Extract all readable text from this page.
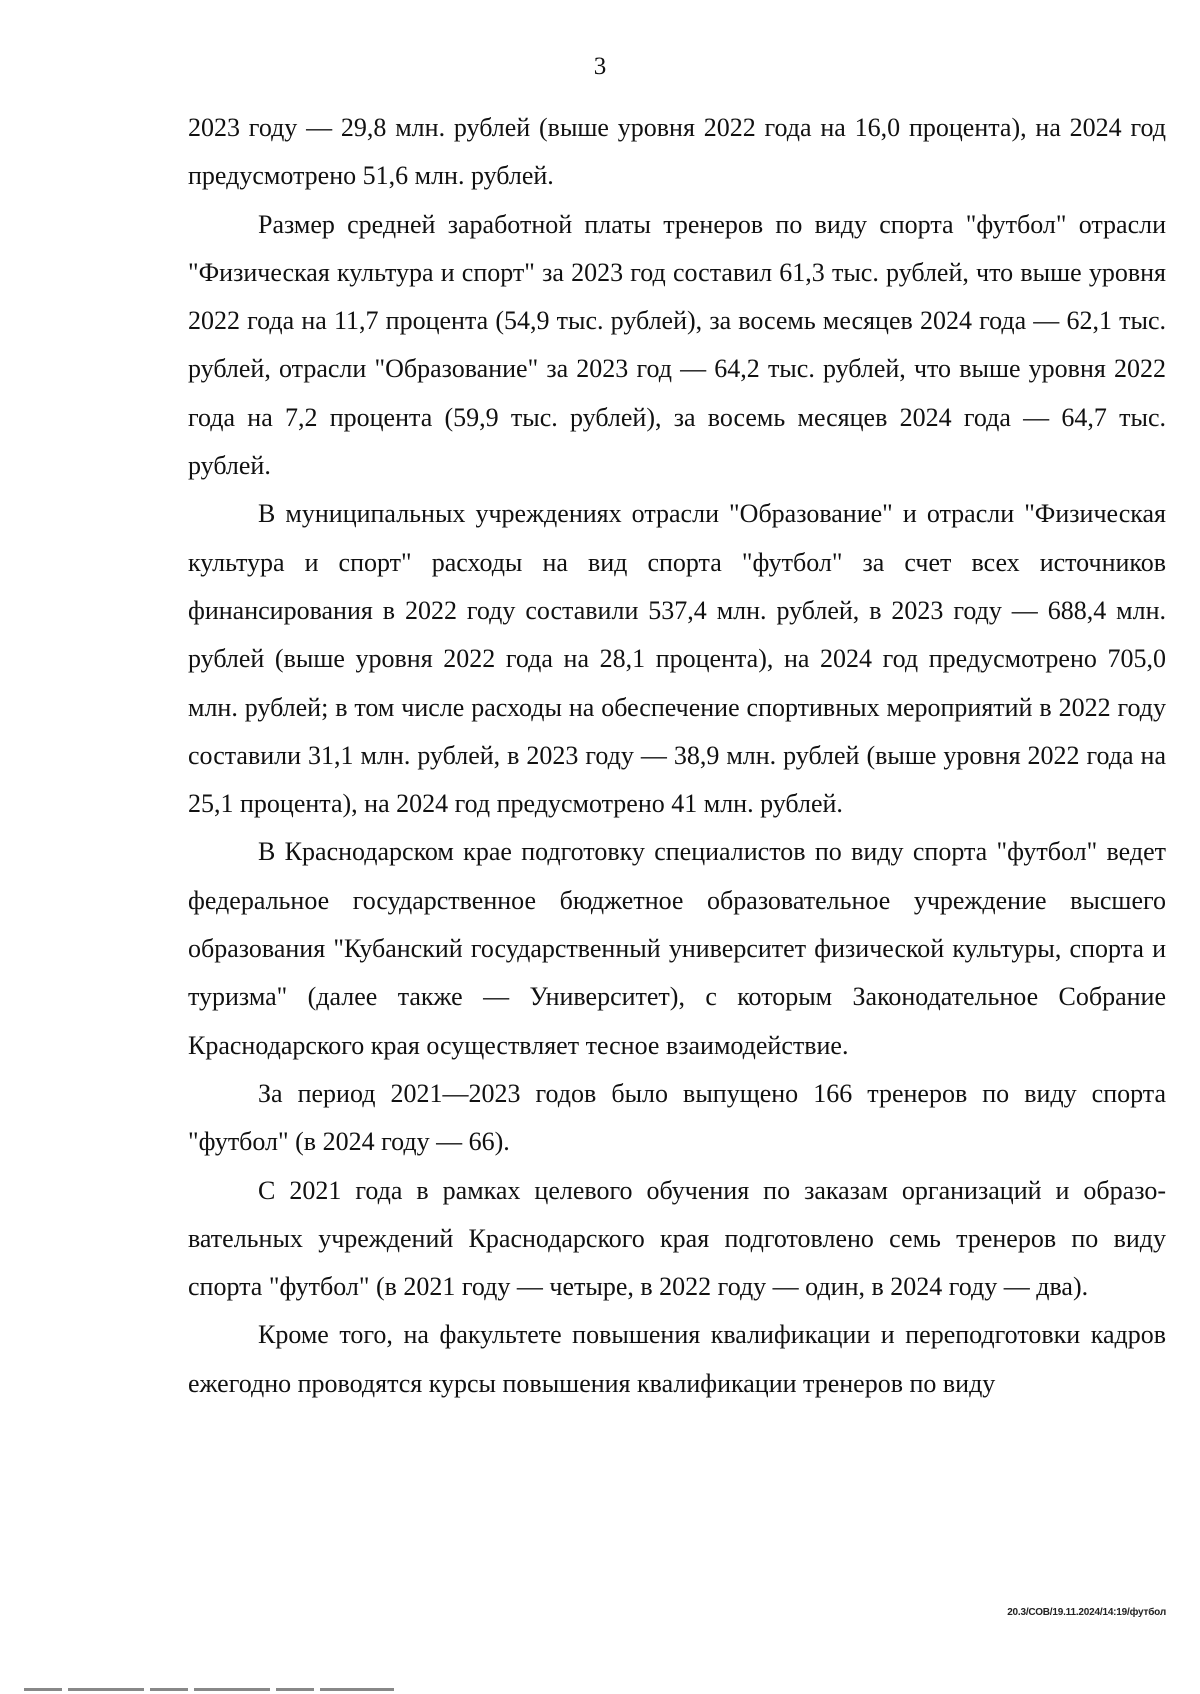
3

2023 году — 29,8 млн. рублей (выше уровня 2022 года на 16,0 процента), на 2024 год предусмотрено 51,6 млн. рублей.

Размер средней заработной платы тренеров по виду спорта "футбол" отрасли "Физическая культура и спорт" за 2023 год составил 61,3 тыс. рублей, что выше уровня 2022 года на 11,7 процента (54,9 тыс. рублей), за восемь месяцев 2024 года — 62,1 тыс. рублей, отрасли "Образование" за 2023 год — 64,2 тыс. рублей, что выше уровня 2022 года на 7,2 процента (59,9 тыс. рублей), за восемь месяцев 2024 года — 64,7 тыс. рублей.

В муниципальных учреждениях отрасли "Образование" и отрасли "Физическая культура и спорт" расходы на вид спорта "футбол" за счет всех источников финансирования в 2022 году составили 537,4 млн. рублей, в 2023 году — 688,4 млн. рублей (выше уровня 2022 года на 28,1 процента), на 2024 год предусмотрено 705,0 млн. рублей; в том числе расходы на обеспечение спортивных мероприятий в 2022 году составили 31,1 млн. рублей, в 2023 году — 38,9 млн. рублей (выше уровня 2022 года на 25,1 процента), на 2024 год предусмотрено 41 млн. рублей.

В Краснодарском крае подготовку специалистов по виду спорта "футбол" ведет федеральное государственное бюджетное образовательное учреждение высшего образования "Кубанский государственный университет физической культуры, спорта и туризма" (далее также — Университет), с которым Законодательное Собрание Краснодарского края осуществляет тесное взаимодействие.

За период 2021—2023 годов было выпущено 166 тренеров по виду спорта "футбол" (в 2024 году — 66).

С 2021 года в рамках целевого обучения по заказам организаций и образовательных учреждений Краснодарского края подготовлено семь тренеров по виду спорта "футбол" (в 2021 году — четыре, в 2022 году — один, в 2024 году — два).

Кроме того, на факультете повышения квалификации и переподготовки кадров ежегодно проводятся курсы повышения квалификации тренеров по виду

20.3/СОВ/19.11.2024/14:19/футбол
